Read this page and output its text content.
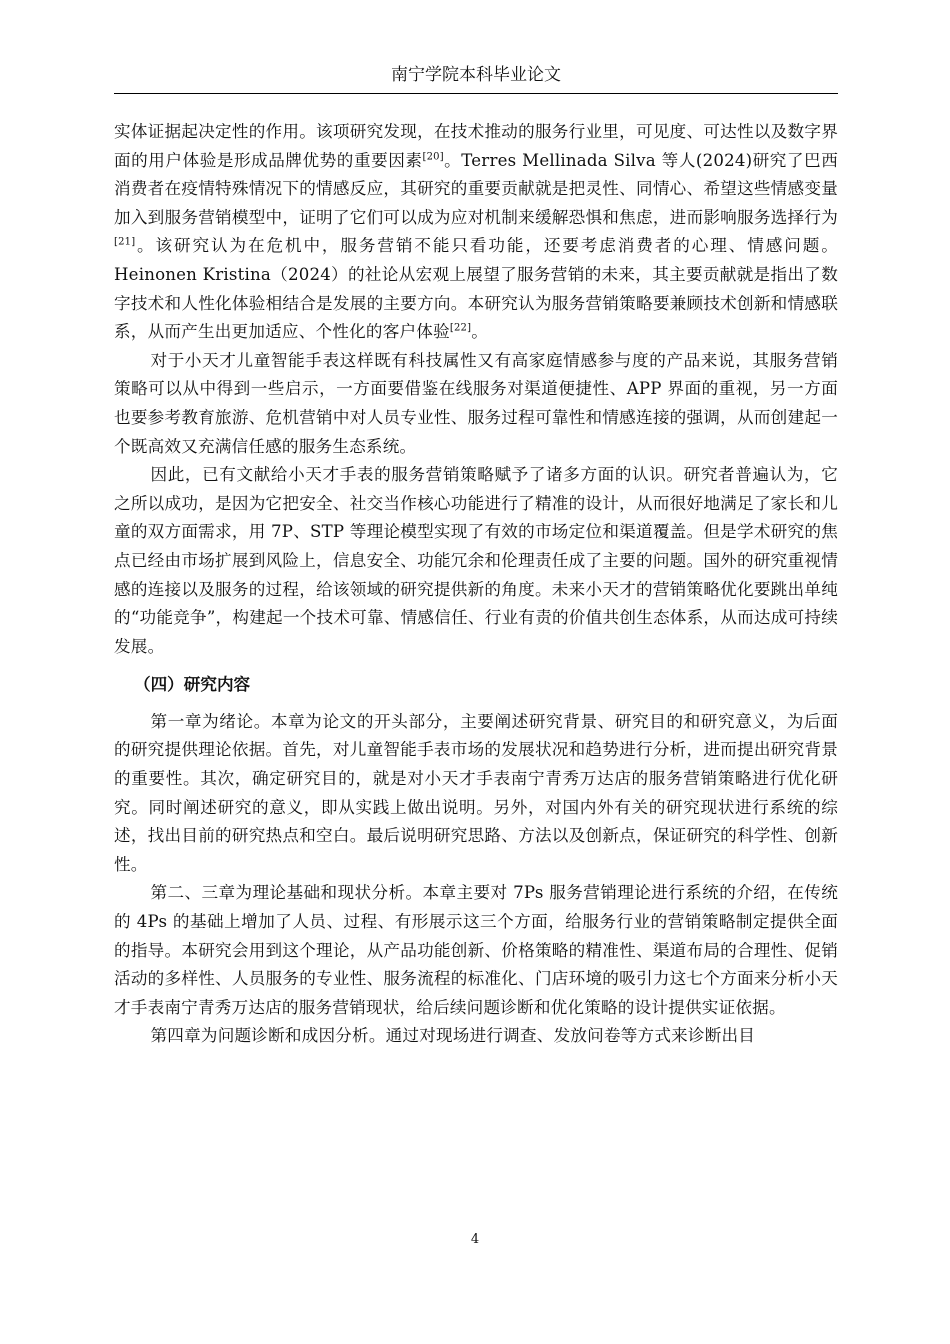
南宁学院本科毕业论文

实体证据起决定性的作用。该项研究发现，在技术推动的服务行业里，可见度、可达性以及数字界面的用户体验是形成品牌优势的重要因素[20]。Terres Mellinada Silva 等人(2024)研究了巴西消费者在疫情特殊情况下的情感反应，其研究的重要贡献就是把灵性、同情心、希望这些情感变量加入到服务营销模型中，证明了它们可以成为应对机制来缓解恐惧和焦虑，进而影响服务选择行为[21]。该研究认为在危机中，服务营销不能只看功能，还要考虑消费者的心理、情感问题。Heinonen Kristina（2024）的社论从宏观上展望了服务营销的未来，其主要贡献就是指出了数字技术和人性化体验相结合是发展的主要方向。本研究认为服务营销策略要兼顾技术创新和情感联系，从而产生出更加适应、个性化的客户体验[22]。

对于小天才儿童智能手表这样既有科技属性又有高家庭情感参与度的产品来说，其服务营销策略可以从中得到一些启示，一方面要借鉴在线服务对渠道便捷性、APP 界面的重视，另一方面也要参考教育旅游、危机营销中对人员专业性、服务过程可靠性和情感连接的强调，从而创建起一个既高效又充满信任感的服务生态系统。

因此，已有文献给小天才手表的服务营销策略赋予了诸多方面的认识。研究者普遍认为，它之所以成功，是因为它把安全、社交当作核心功能进行了精准的设计，从而很好地满足了家长和儿童的双方面需求，用 7P、STP 等理论模型实现了有效的市场定位和渠道覆盖。但是学术研究的焦点已经由市场扩展到风险上，信息安全、功能冗余和伦理责任成了主要的问题。国外的研究重视情感的连接以及服务的过程，给该领域的研究提供新的角度。未来小天才的营销策略优化要跳出单纯的“功能竞争”，构建起一个技术可靠、情感信任、行业有责的价值共创生态体系，从而达成可持续发展。

（四）研究内容

第一章为绪论。本章为论文的开头部分，主要阐述研究背景、研究目的和研究意义，为后面的研究提供理论依据。首先，对儿童智能手表市场的发展状况和趋势进行分析，进而提出研究背景的重要性。其次，确定研究目的，就是对小天才手表南宁青秀万达店的服务营销策略进行优化研究。同时阐述研究的意义，即从实践上做出说明。另外，对国内外有关的研究现状进行系统的综述，找出目前的研究热点和空白。最后说明研究思路、方法以及创新点，保证研究的科学性、创新性。

第二、三章为理论基础和现状分析。本章主要对 7Ps 服务营销理论进行系统的介绍，在传统的 4Ps 的基础上增加了人员、过程、有形展示这三个方面，给服务行业的营销策略制定提供全面的指导。本研究会用到这个理论，从产品功能创新、价格策略的精准性、渠道布局的合理性、促销活动的多样性、人员服务的专业性、服务流程的标准化、门店环境的吸引力这七个方面来分析小天才手表南宁青秀万达店的服务营销现状，给后续问题诊断和优化策略的设计提供实证依据。

第四章为问题诊断和成因分析。通过对现场进行调查、发放问卷等方式来诊断出目

4
